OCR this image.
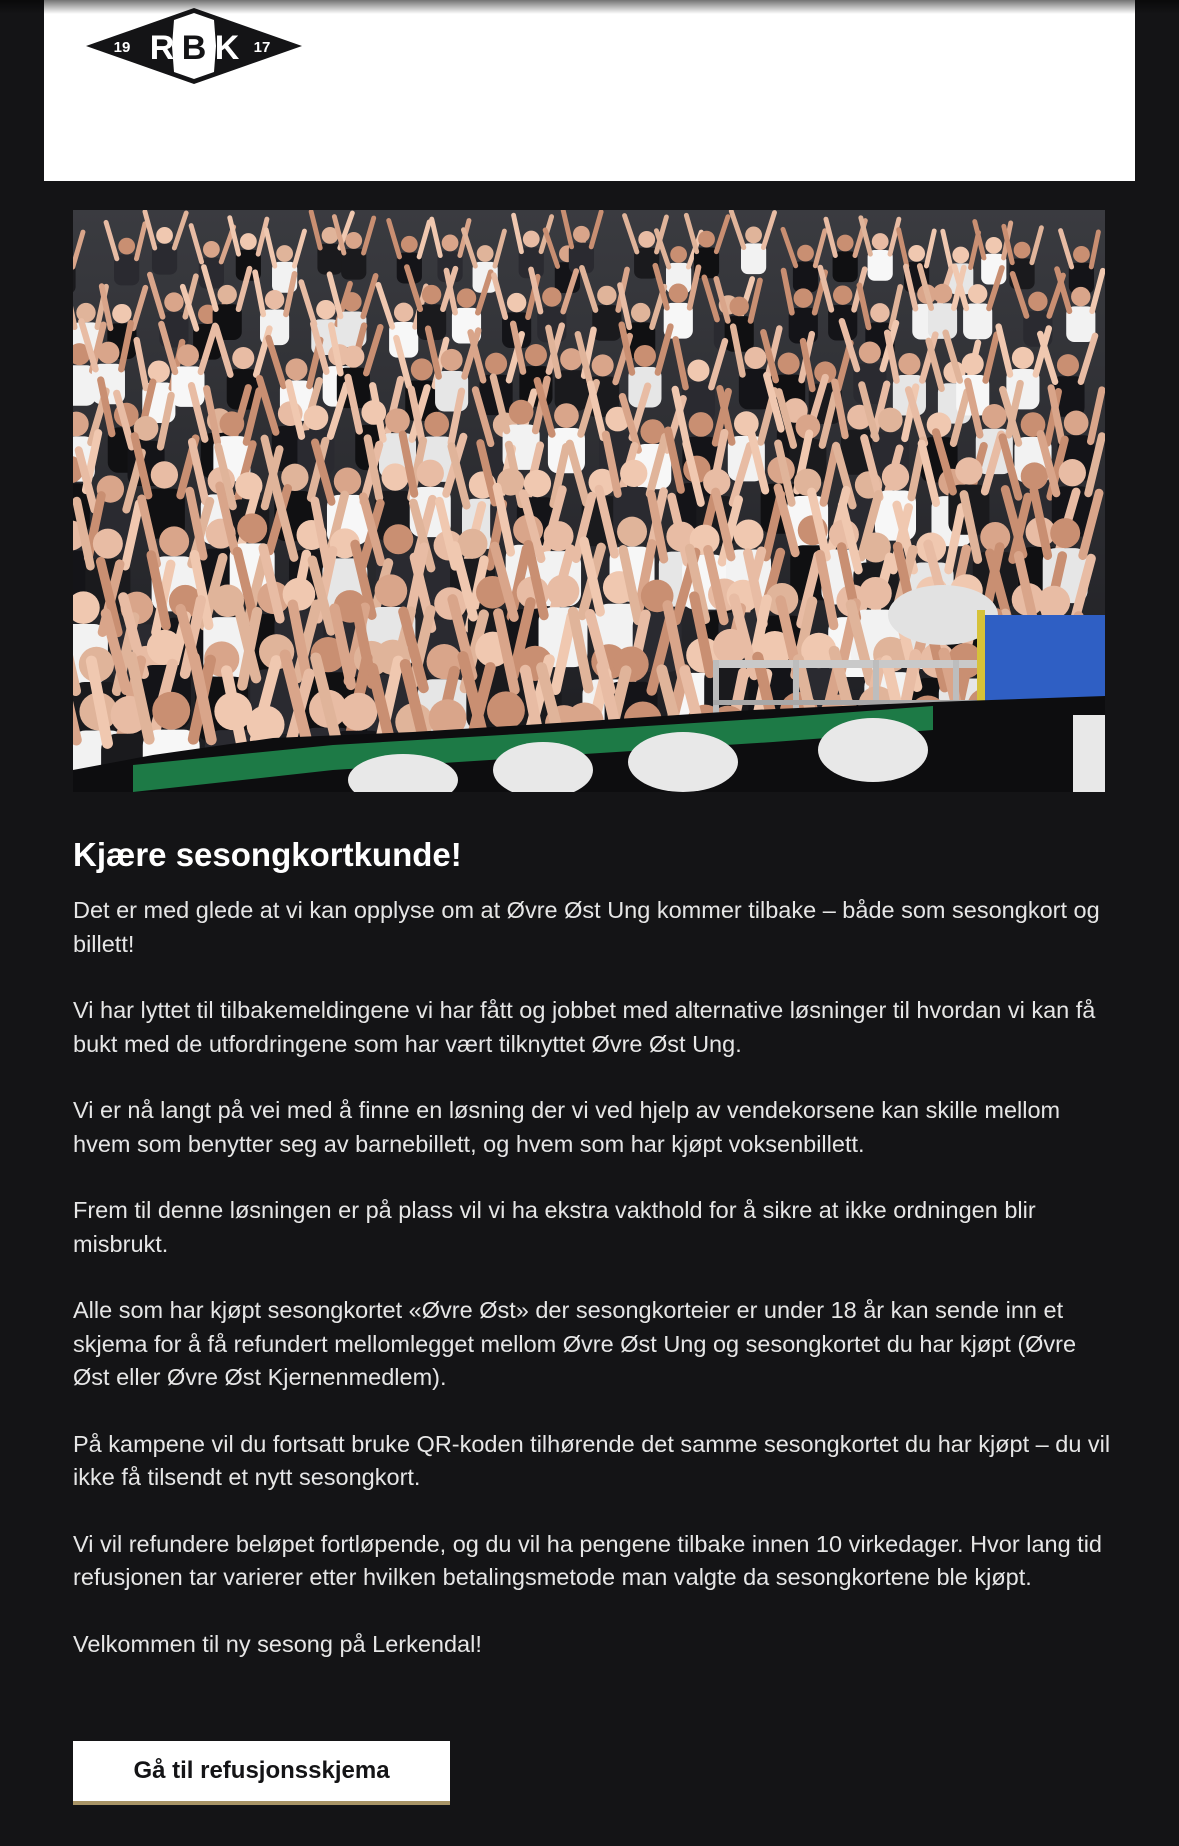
19	17
R B K
Kjære sesongkortkunde!

Det er med glede at vi kan opplyse om at Øvre Øst Ung kommer tilbake – både som sesongkort og billett!

Vi har lyttet til tilbakemeldingene vi har fått og jobbet med alternative løsninger til hvordan vi kan få bukt med de utfordringene som har vært tilknyttet Øvre Øst Ung.

Vi er nå langt på vei med å finne en løsning der vi ved hjelp av vendekorsene kan skille mellom hvem som benytter seg av barnebillett, og hvem som har kjøpt voksenbillett.

Frem til denne løsningen er på plass vil vi ha ekstra vakthold for å sikre at ikke ordningen blir misbrukt.

Alle som har kjøpt sesongkortet «Øvre Øst» der sesongkorteier er under 18 år kan sende inn et skjema for å få refundert mellomlegget mellom Øvre Øst Ung og sesongkortet du har kjøpt (Øvre Øst eller Øvre Øst Kjernenmedlem).

På kampene vil du fortsatt bruke QR-koden tilhørende det samme sesongkortet du har kjøpt – du vil ikke få tilsendt et nytt sesongkort.

Vi vil refundere beløpet fortløpende, og du vil ha pengene tilbake innen 10 virkedager. Hvor lang tid refusjonen tar varierer etter hvilken betalingsmetode man valgte da sesongkortene ble kjøpt.

Velkommen til ny sesong på Lerkendal!

Gå til refusjonsskjema
